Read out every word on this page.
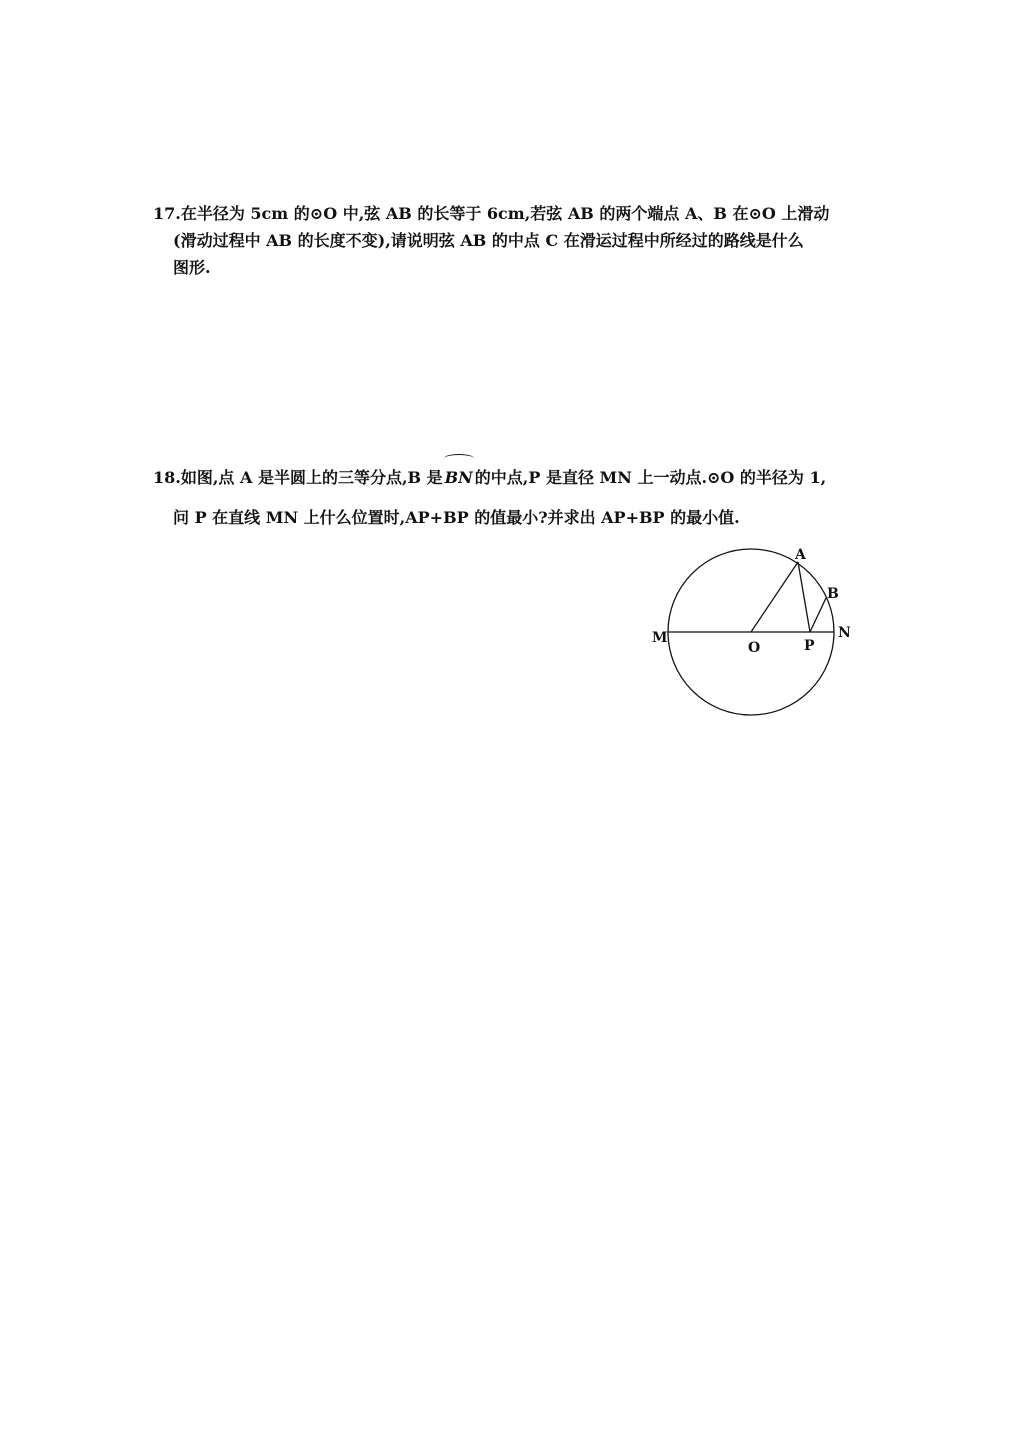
17.在半径为 5cm 的⊙O 中,弦 AB 的长等于 6cm,若弦 AB 的两个端点 A、B 在⊙O 上滑动
(滑动过程中 AB 的长度不变),请说明弦 AB 的中点 C 在滑运过程中所经过的路线是什么
图形.
18.如图,点 A 是半圆上的三等分点,B 是 BN 的中点,P 是直径 MN 上一动点.⊙O 的半径为 1,
问 P 在直线 MN 上什么位置时,AP+BP 的值最小?并求出 AP+BP 的最小值.
A
B
M	N
O	P
